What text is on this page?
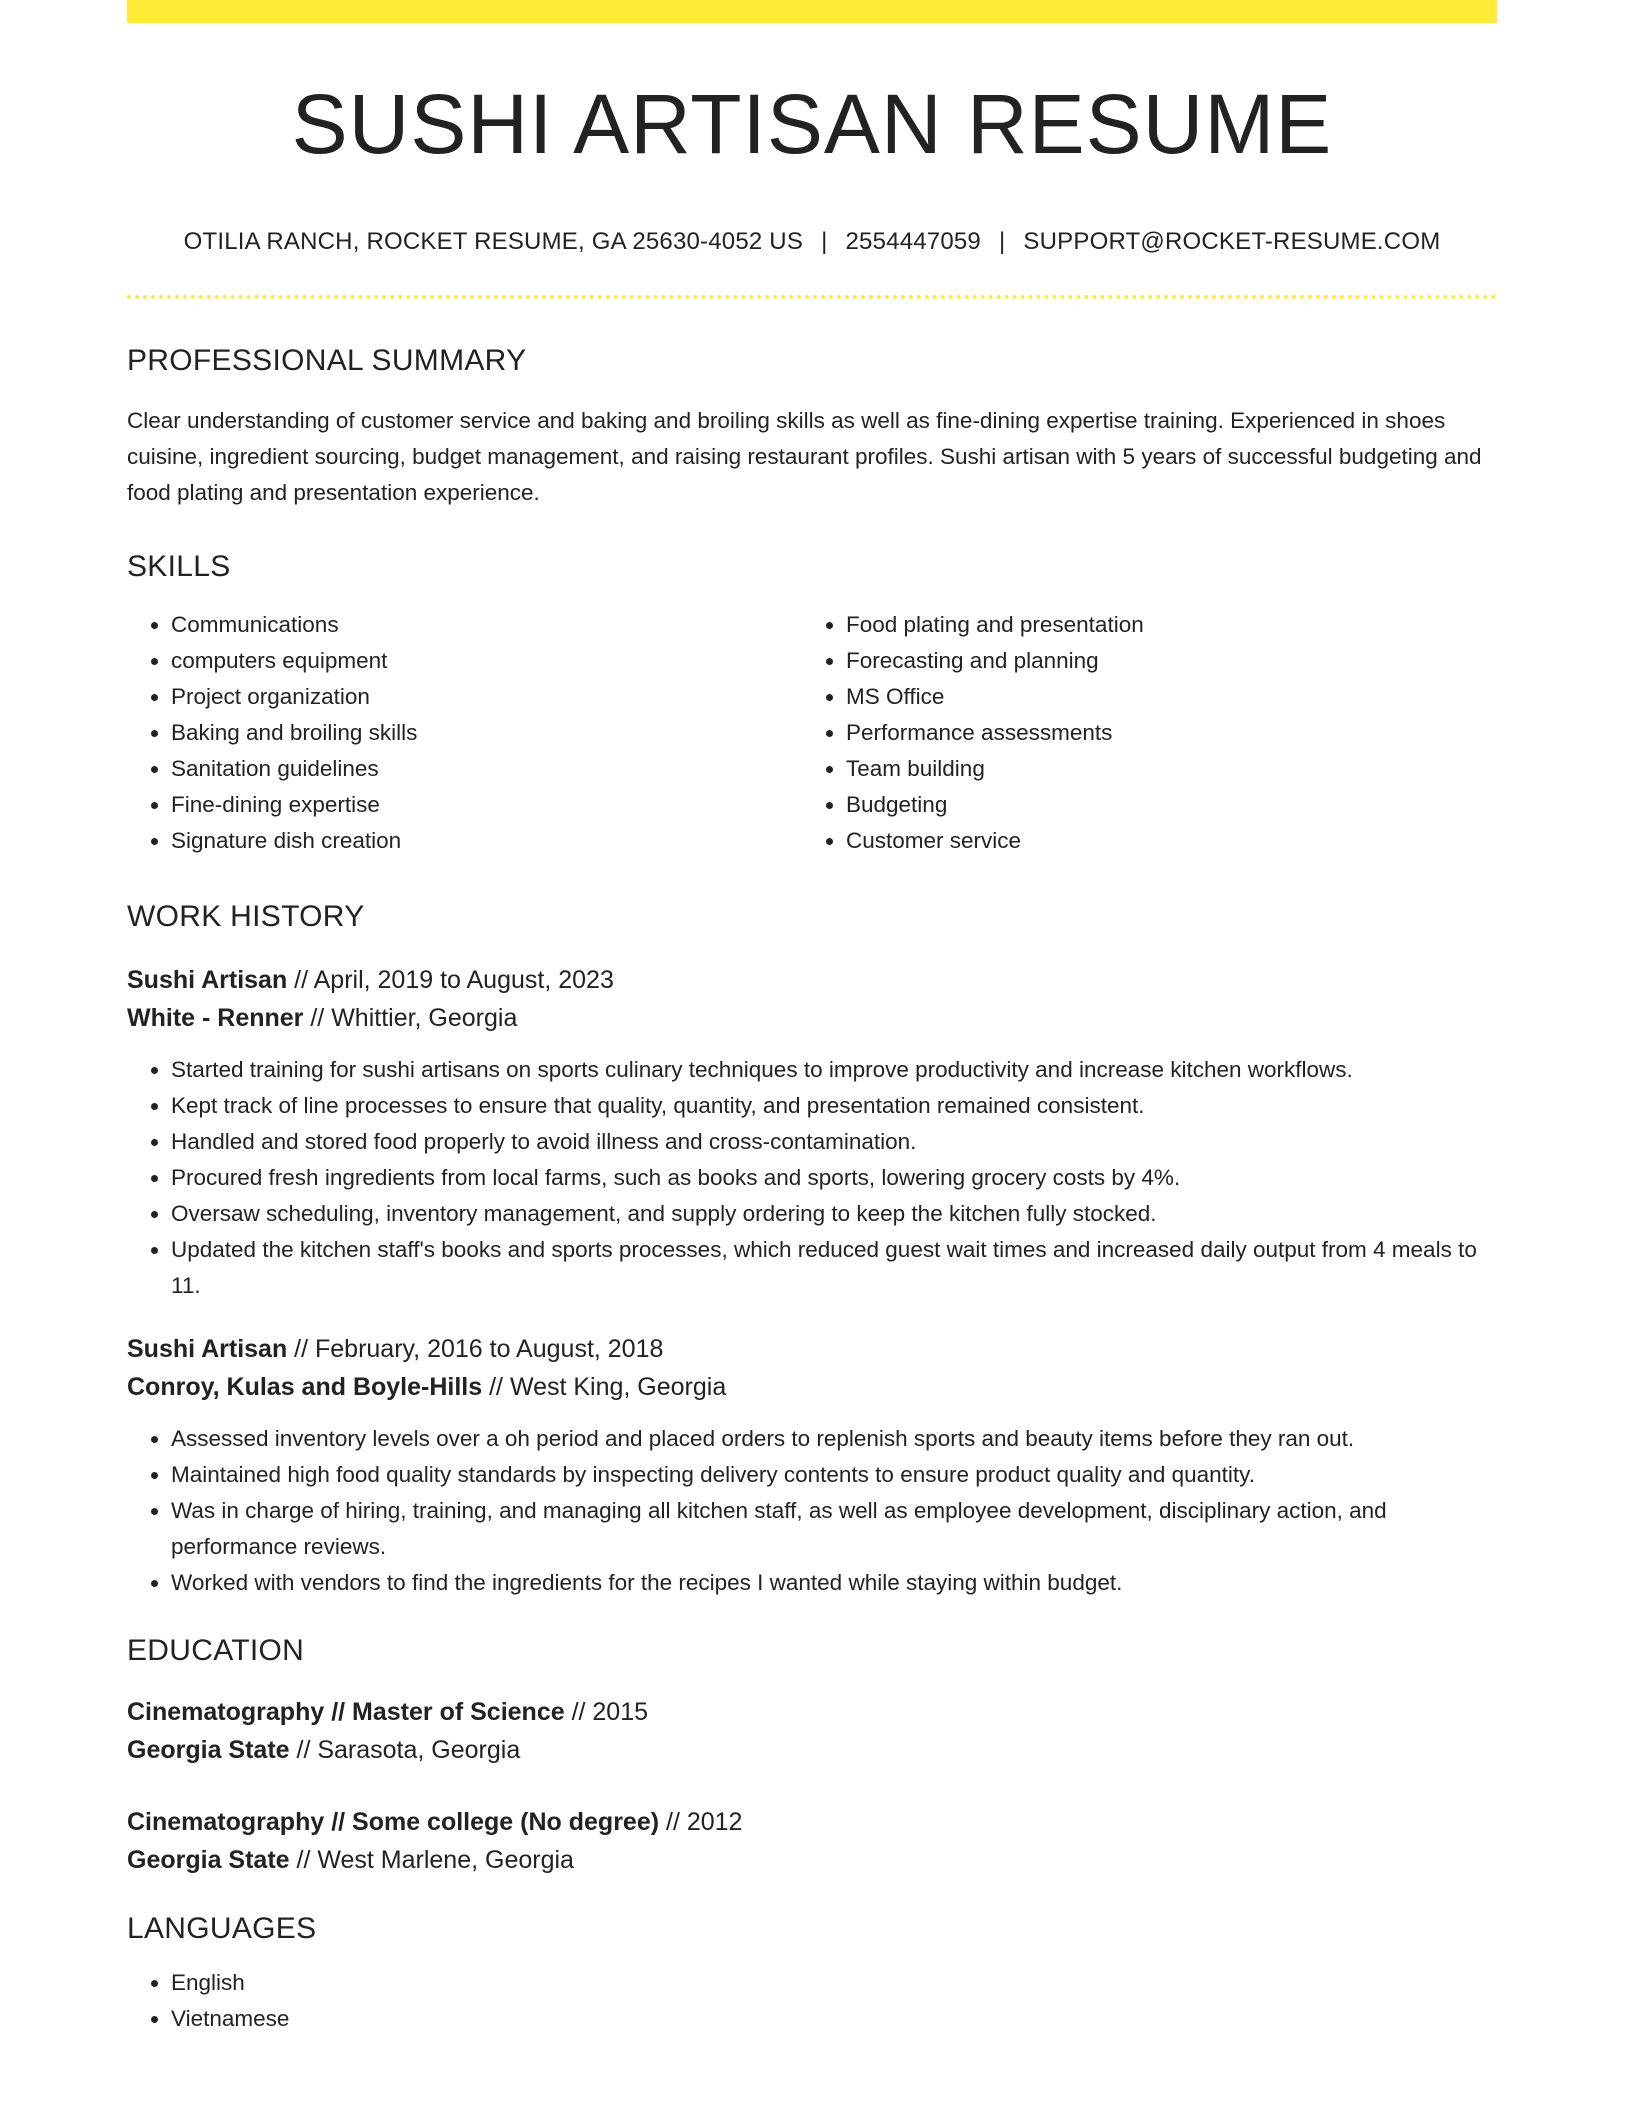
SUSHI ARTISAN RESUME
OTILIA RANCH, ROCKET RESUME, GA 25630-4052 US | 2554447059 | SUPPORT@ROCKET-RESUME.COM
PROFESSIONAL SUMMARY

Clear understanding of customer service and baking and broiling skills as well as fine-dining expertise training. Experienced in shoes cuisine, ingredient sourcing, budget management, and raising restaurant profiles. Sushi artisan with 5 years of successful budgeting and food plating and presentation experience.

SKILLS
• Communications
• computers equipment
• Project organization
• Baking and broiling skills
• Sanitation guidelines
• Fine-dining expertise
• Signature dish creation
• Food plating and presentation
• Forecasting and planning
• MS Office
• Performance assessments
• Team building
• Budgeting
• Customer service
WORK HISTORY
Sushi Artisan // April, 2019 to August, 2023
White - Renner // Whittier, Georgia
• Started training for sushi artisans on sports culinary techniques to improve productivity and increase kitchen workflows.
• Kept track of line processes to ensure that quality, quantity, and presentation remained consistent.
• Handled and stored food properly to avoid illness and cross-contamination.
• Procured fresh ingredients from local farms, such as books and sports, lowering grocery costs by 4%.
• Oversaw scheduling, inventory management, and supply ordering to keep the kitchen fully stocked.
• Updated the kitchen staff's books and sports processes, which reduced guest wait times and increased daily output from 4 meals to 11.
Sushi Artisan // February, 2016 to August, 2018
Conroy, Kulas and Boyle-Hills // West King, Georgia
• Assessed inventory levels over a oh period and placed orders to replenish sports and beauty items before they ran out.
• Maintained high food quality standards by inspecting delivery contents to ensure product quality and quantity.
• Was in charge of hiring, training, and managing all kitchen staff, as well as employee development, disciplinary action, and performance reviews.
• Worked with vendors to find the ingredients for the recipes I wanted while staying within budget.
EDUCATION
Cinematography // Master of Science // 2015
Georgia State // Sarasota, Georgia
Cinematography // Some college (No degree) // 2012
Georgia State // West Marlene, Georgia
LANGUAGES
• English
• Vietnamese
